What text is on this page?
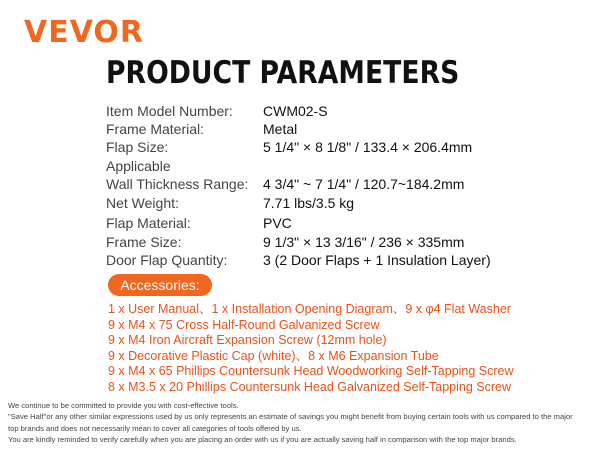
VEVOR
PRODUCT PARAMETERS
Item Model Number: CWM02-S
Frame Material:	Metal
Flap Size:	5 1/4" × 8 1/8" / 133.4 × 206.4mm
Applicable
Wall Thickness Range: 4 3/4" ~ 7 1/4" / 120.7~184.2mm
Net Weight:	7.71 lbs/3.5 kg
Flap Material:	PVC
Frame Size:	9 1/3" × 13 3/16" / 236 × 335mm
Door Flap Quantity:	3 (2 Door Flaps + 1 Insulation Layer)
Accessories:
1 x User Manual、1 x Installation Opening Diagram、9 x φ4 Flat Washer
9 x M4 x 75 Cross Half-Round Galvanized Screw
9 x M4 Iron Aircraft Expansion Screw (12mm hole)
9 x Decorative Plastic Cap (white)、8 x M6 Expansion Tube
9 x M4 x 65 Phillips Countersunk Head Woodworking Self-Tapping Screw
8 x M3.5 x 20 Phillips Countersunk Head Galvanized Self-Tapping Screw
We continue to be committed to provide you with cost-effective tools.
"Save Half"or any other similar expressions used by us only represents an estimate of savings you might benefit from buying certain tools with us compared to the major
top brands and does not necessarily mean to cover all categories of tools offered by us.
You are kindly reminded to verify carefully when you are placing an order with us if you are actually saving half in comparison with the top major brands.
